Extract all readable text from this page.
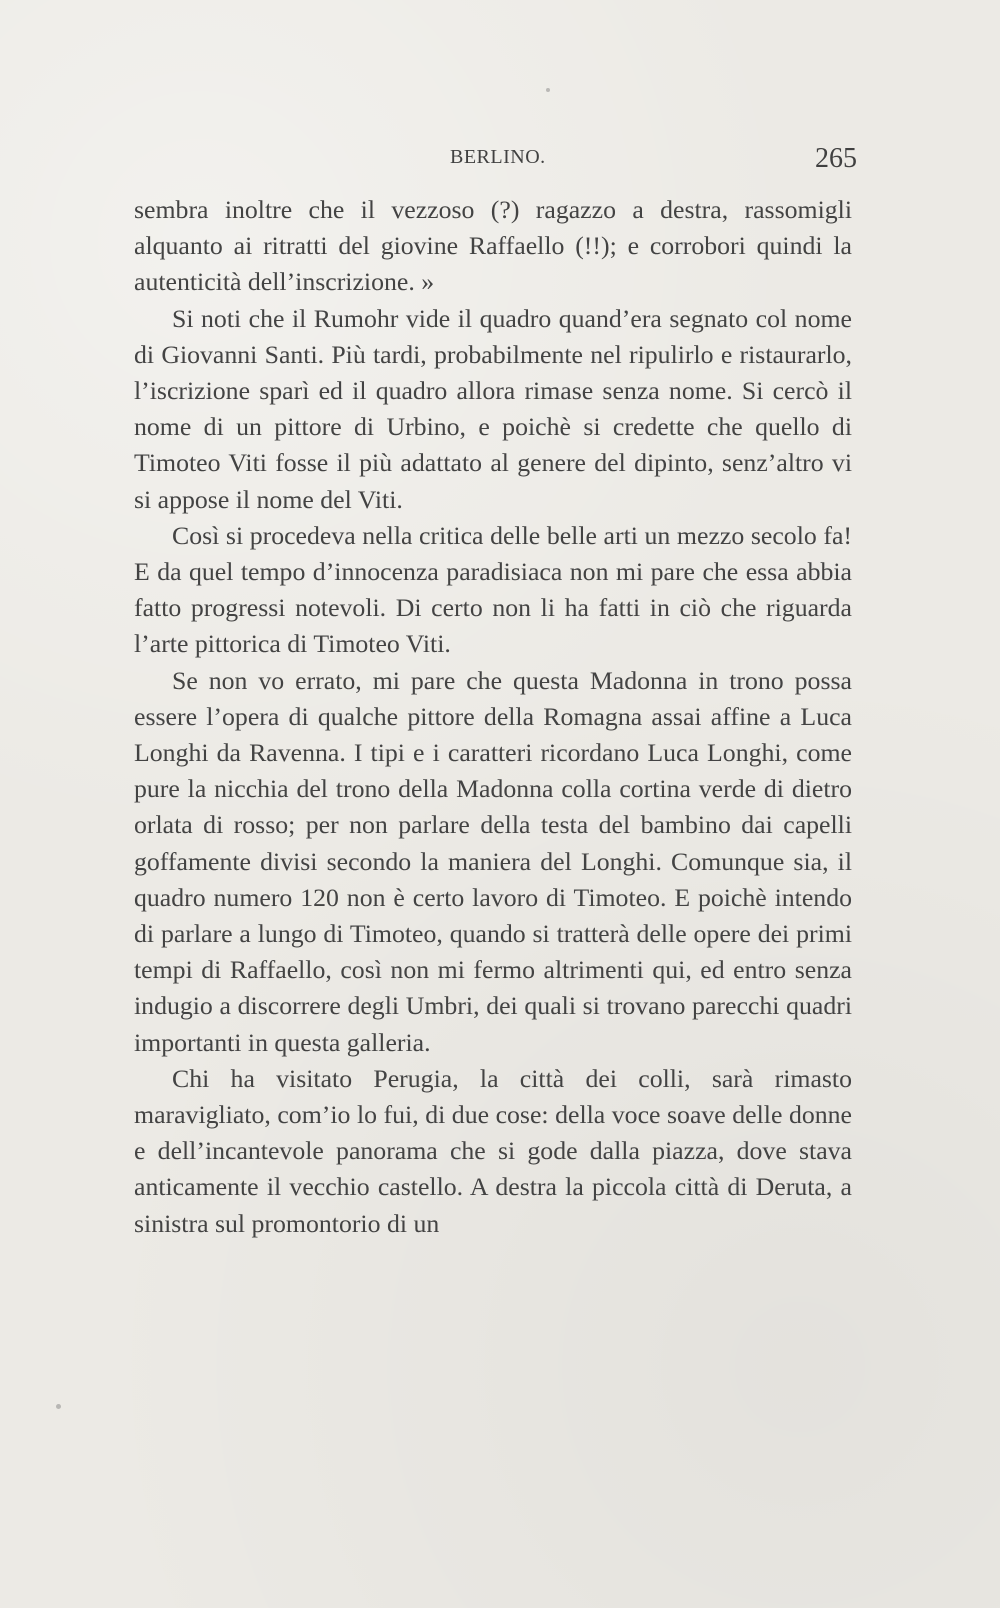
BERLINO.	265

sembra inoltre che il vezzoso (?) ragazzo a destra, rassomigli alquanto ai ritratti del giovine Raffaello (!!); e corrobori quindi la autenticità dell’inscrizione. »

Si noti che il Rumohr vide il quadro quand’era segnato col nome di Giovanni Santi. Più tardi, probabilmente nel ripulirlo e ristaurarlo, l’iscrizione sparì ed il quadro allora rimase senza nome. Si cercò il nome di un pittore di Urbino, e poichè si credette che quello di Timoteo Viti fosse il più adattato al genere del dipinto, senz’altro vi si appose il nome del Viti.

Così si procedeva nella critica delle belle arti un mezzo secolo fa! E da quel tempo d’innocenza paradisiaca non mi pare che essa abbia fatto progressi notevoli. Di certo non li ha fatti in ciò che riguarda l’arte pittorica di Timoteo Viti.

Se non vo errato, mi pare che questa Madonna in trono possa essere l’opera di qualche pittore della Romagna assai affine a Luca Longhi da Ravenna. I tipi e i caratteri ricordano Luca Longhi, come pure la nicchia del trono della Madonna colla cortina verde di dietro orlata di rosso; per non parlare della testa del bambino dai capelli goffamente divisi secondo la maniera del Longhi. Comunque sia, il quadro numero 120 non è certo lavoro di Timoteo. E poichè intendo di parlare a lungo di Timoteo, quando si tratterà delle opere dei primi tempi di Raffaello, così non mi fermo altrimenti qui, ed entro senza indugio a discorrere degli Umbri, dei quali si trovano parecchi quadri importanti in questa galleria.

Chi ha visitato Perugia, la città dei colli, sarà rimasto maravigliato, com’io lo fui, di due cose: della voce soave delle donne e dell’incantevole panorama che si gode dalla piazza, dove stava anticamente il vecchio castello. A destra la piccola città di Deruta, a sinistra sul promontorio di un
